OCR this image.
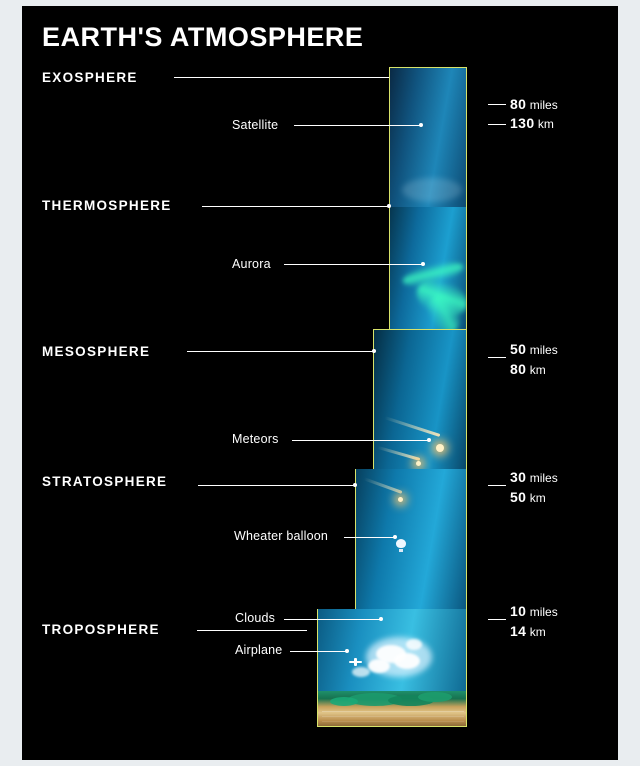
EARTH'S ATMOSPHERE
EXOSPHERE
THERMOSPHERE
MESOSPHERE
STRATOSPHERE
TROPOSPHERE
Satellite
Aurora
Meteors
Wheater balloon
Clouds
Airplane
80 miles
130 km
50 miles
80 km
30 miles
50 km
10 miles
14 km
